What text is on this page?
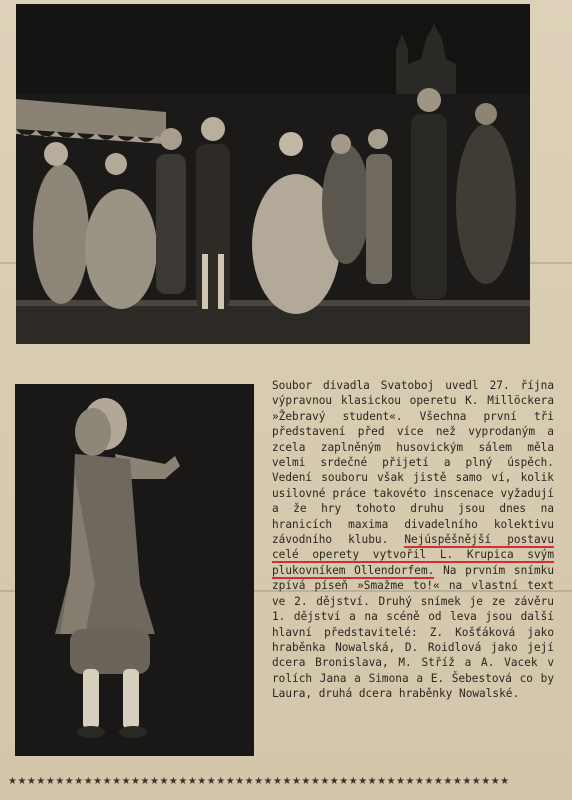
Soubor divadla Svatoboj uvedl 27. října výpravnou klasickou operetu K. Millöckera »Žebravý student«. Všechna první tři představení před více než vyprodaným a zcela zaplněným husovickým sálem měla velmi srdečné přijetí a plný úspěch. Vedení souboru však jistě samo ví, kolik usilovné práce takovéto inscenace vyžadují a že hry tohoto druhu jsou dnes na hranicích maxima divadelního kolektivu závodního klubu. Nejúspěšnější postavu celé operety vytvořil L. Krupica svým plukovníkem Ollendorfem. Na prvním snímku zpívá píseň »Smažme to!« na vlastní text ve 2. dějství. Druhý snímek je ze závěru 1. dějství a na scéně od leva jsou další hlavní představitelé: Z. Košťáková jako hraběnka Nowalská, D. Roidlová jako její dcera Bronislava, M. Stříž a A. Vacek v rolích Jana a Simona a E. Šebestová co by Laura, druhá dcera hraběnky Nowalské.
★★★★★★★★★★★★★★★★★★★★★★★★★★★★★★★★★★★★★★★★★★★★★★★★★★★★★
